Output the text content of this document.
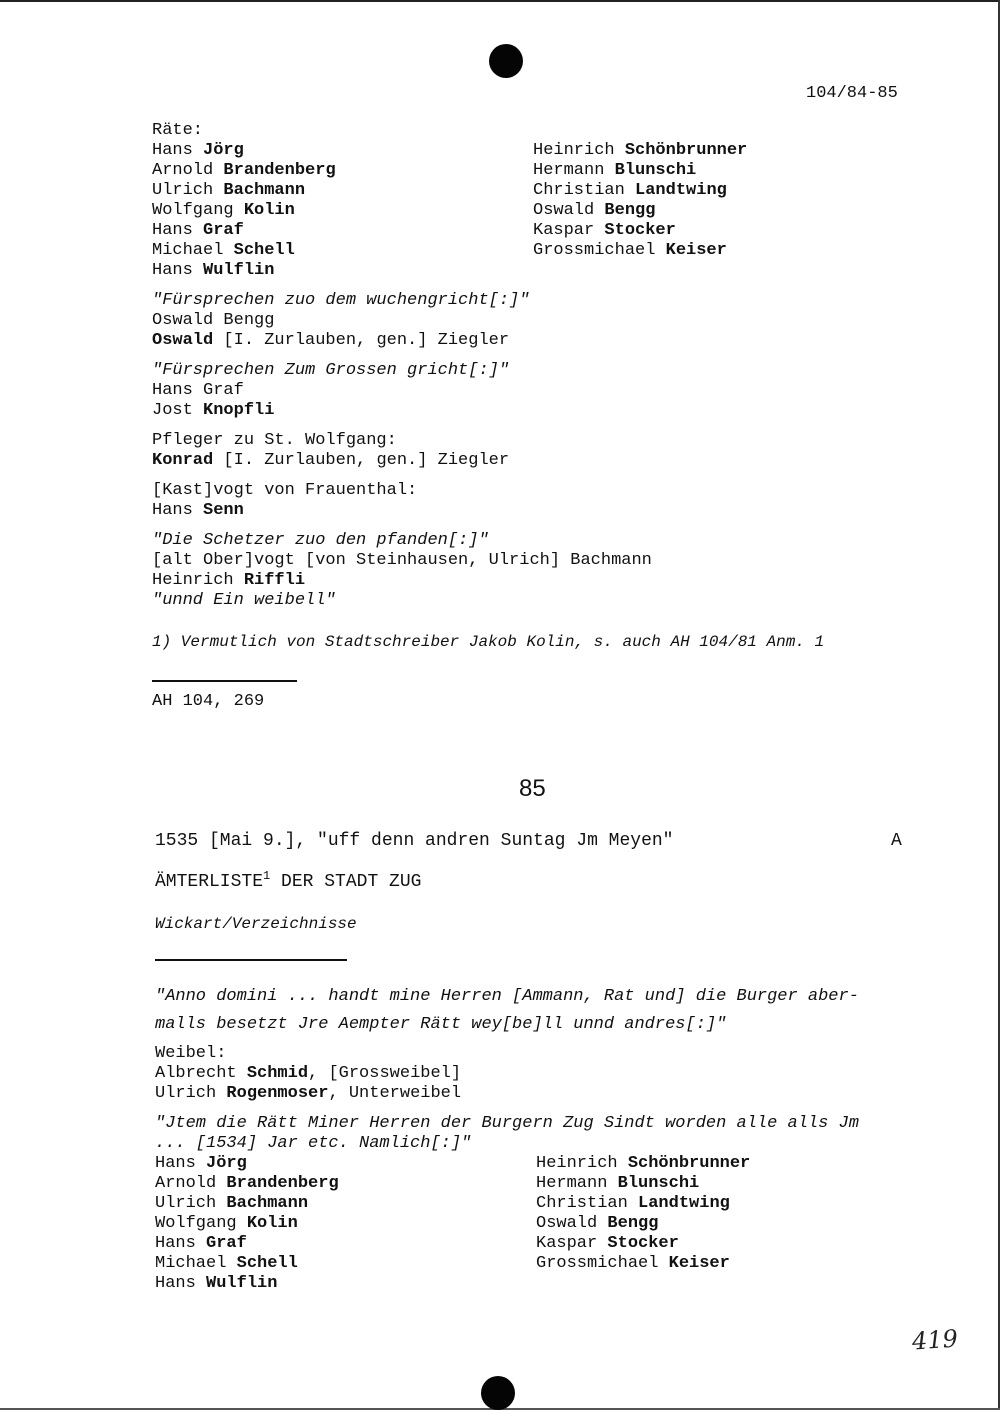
104/84-85
Räte:
Hans Jörg
Arnold Brandenberg
Ulrich Bachmann
Wolfgang Kolin
Hans Graf
Michael Schell
Hans Wulflin
Heinrich Schönbrunner
Hermann Blunschi
Christian Landtwing
Oswald Bengg
Kaspar Stocker
Grossmichael Keiser
"Fürsprechen zuo dem wuchengricht[:]"
Oswald Bengg
Oswald [I. Zurlauben, gen.] Ziegler
"Fürsprechen Zum Grossen gricht[:]"
Hans Graf
Jost Knopfli
Pfleger zu St. Wolfgang:
Konrad [I. Zurlauben, gen.] Ziegler
[Kast]vogt von Frauenthal:
Hans Senn
"Die Schetzer zuo den pfanden[:]"
[alt Ober]vogt [von Steinhausen, Ulrich] Bachmann
Heinrich Riffli
"unnd Ein weibell"
1) Vermutlich von Stadtschreiber Jakob Kolin, s. auch AH 104/81 Anm. 1
AH 104, 269
85
1535 [Mai 9.], "uff denn andren Suntag Jm Meyen"	A
ÄMTERLISTE$^1$ DER STADT ZUG
Wickart/Verzeichnisse
"Anno domini ... handt mine Herren [Ammann, Rat und] die Burger aber-
malls besetzt Jre Aempter Rätt wey[be]ll unnd andres[:]"
Weibel:
Albrecht Schmid, [Grossweibel]
Ulrich Rogenmoser, Unterweibel
"Jtem die Rätt Miner Herren der Burgern Zug Sindt worden alle alls Jm
... [1534] Jar etc. Namlich[:]"
Hans Jörg
Arnold Brandenberg
Ulrich Bachmann
Wolfgang Kolin
Hans Graf
Michael Schell
Hans Wulflin
Heinrich Schönbrunner
Hermann Blunschi
Christian Landtwing
Oswald Bengg
Kaspar Stocker
Grossmichael Keiser
419
